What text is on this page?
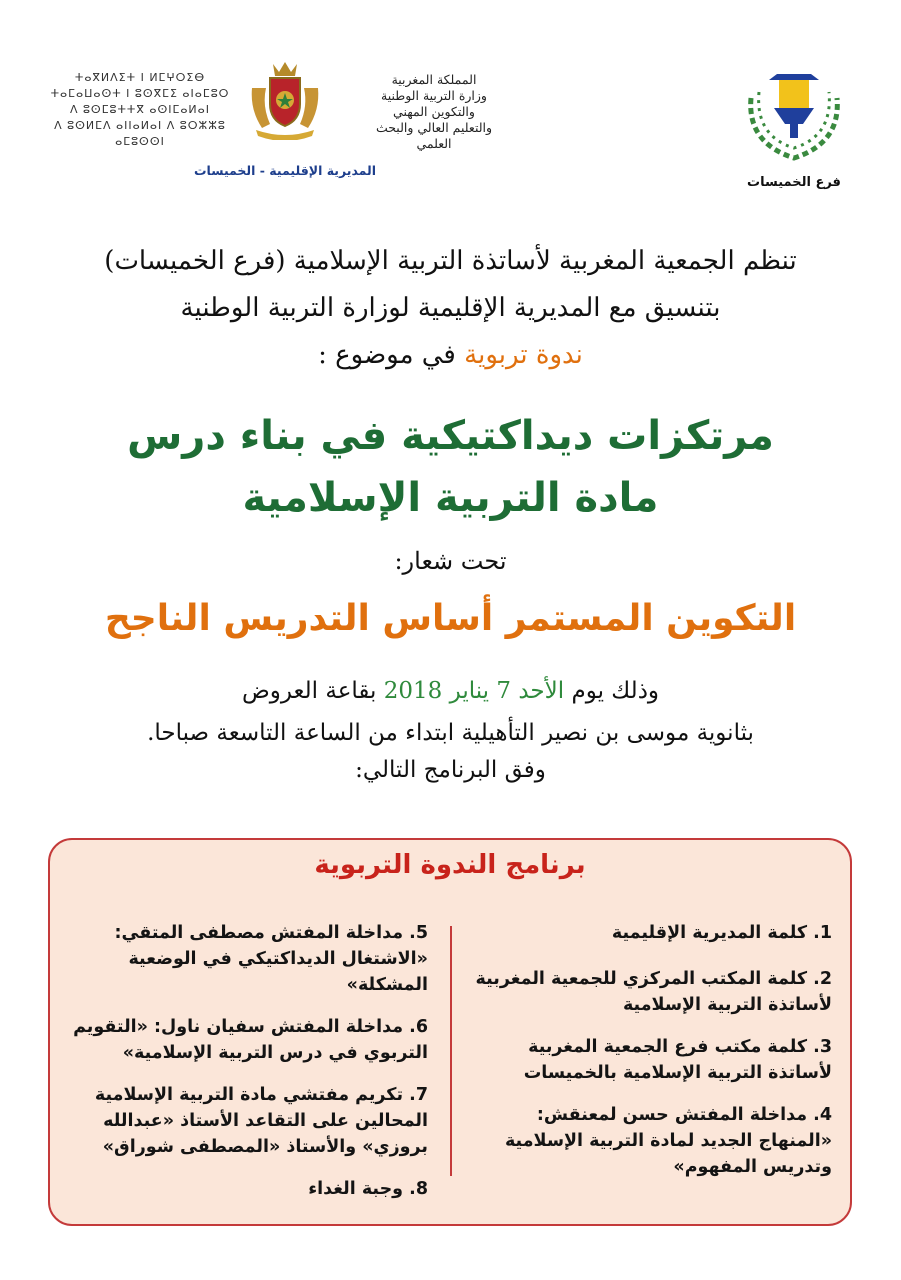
فرع الخميسات
المملكة المغربية
وزارة التربية الوطنية
والتكوين المهني
والتعليم العالي والبحث العلمي
ⵜⴰⴳⵍⴷⵉⵜ ⵏ ⵍⵎⵖⵔⵉⴱ
ⵜⴰⵎⴰⵡⴰⵙⵜ ⵏ ⵓⵙⴳⵎⵉ ⴰⵏⴰⵎⵓⵔ
ⴷ ⵓⵙⵎⵓⵜⵜⴳ ⴰⵙⵏⵎⴰⵍⴰⵏ
ⴷ ⵓⵙⵍⵎⴷ ⴰⵏⵏⴰⵍⴰⵏ ⴷ ⵓⵔⵣⵣⵓ ⴰⵎⵓⵙⵙⵏ
المديرية الإقليمية - الخميسات
تنظم الجمعية المغربية لأساتذة التربية الإسلامية (فرع الخميسات)
بتنسيق مع المديرية الإقليمية لوزارة التربية الوطنية
ندوة تربوية في موضوع :
مرتكزات ديداكتيكية في بناء درس
مادة التربية الإسلامية
تحت شعار:
التكوين المستمر أساس التدريس الناجح
وذلك يوم الأحد 7 يناير 2018 بقاعة العروض
بثانوية موسى بن نصير التأهيلية ابتداء من الساعة التاسعة صباحا.
وفق البرنامج التالي:
برنامج الندوة التربوية
1. كلمة المديرية الإقليمية
2. كلمة المكتب المركزي للجمعية المغربية لأساتذة التربية الإسلامية
3. كلمة مكتب فرع الجمعية المغربية لأساتذة التربية الإسلامية بالخميسات
4. مداخلة المفتش حسن لمعنقش: «المنهاج الجديد لمادة التربية الإسلامية وتدريس المفهوم»
5. مداخلة المفتش مصطفى المتقي: «الاشتغال الديداكتيكي في الوضعية المشكلة»
6. مداخلة المفتش سفيان ناول: «التقويم التربوي في درس التربية الإسلامية»
7. تكريم مفتشي مادة التربية الإسلامية المحالين على التقاعد الأستاذ «عبدالله بروزي» والأستاذ «المصطفى شوراق»
8. وجبة الغداء
